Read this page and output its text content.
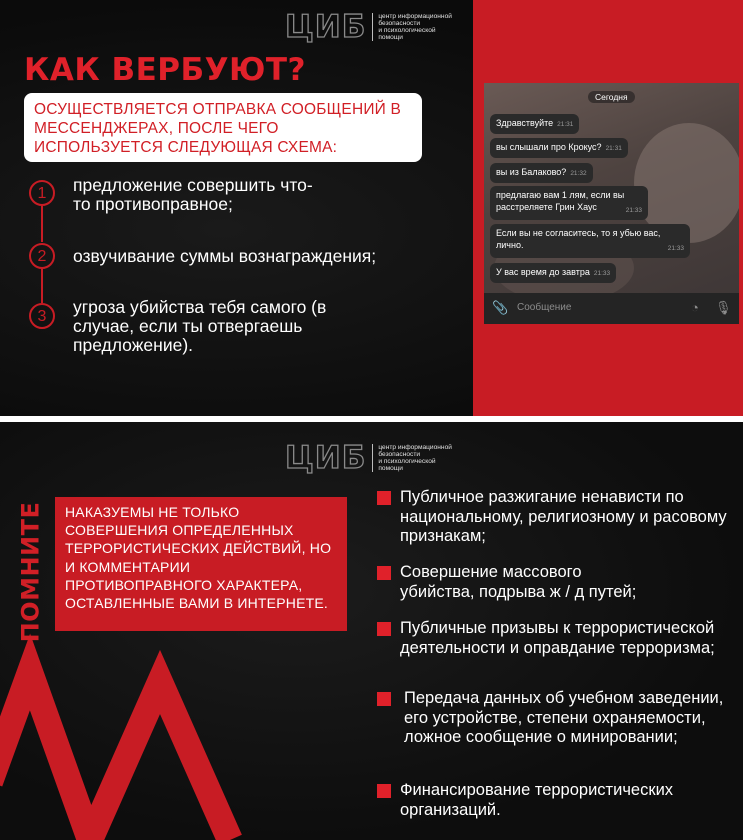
ЦИБ центр информационной
безопасности
и психологической
помощи
КАК ВЕРБУЮТ?
ОСУЩЕСТВЛЯЕТСЯ ОТПРАВКА СООБЩЕНИЙ В МЕССЕНДЖЕРАХ, ПОСЛЕ ЧЕГО ИСПОЛЬЗУЕТСЯ СЛЕДУЮЩАЯ СХЕМА:
1	предложение совершить что-то противоправное;
2	озвучивание суммы вознаграждения;
3	угроза убийства тебя самого (в случае, если ты отвергаешь предложение).
Сегодня
Здравствуйте 21:31
вы слышали про Крокус? 21:31
вы из Балаково? 21:32
предлагаю вам 1 лям, если вы расстреляете Грин Хаус	21:33
Если вы не согласитесь, то я убью вас, лично.	21:33
У вас время до завтра 21:33
📎 Сообщение	◔ 🎙
ЦИБ центр информационной
безопасности
и психологической
помощи
ПОМНИТЕ	НАКАЗУЕМЫ НЕ ТОЛЬКО СОВЕРШЕНИЯ ОПРЕДЕЛЕННЫХ ТЕРРОРИСТИЧЕСКИХ ДЕЙСТВИЙ, НО И КОММЕНТАРИИ ПРОТИВОПРАВНОГО ХАРАКТЕРА, ОСТАВЛЕННЫЕ ВАМИ В ИНТЕРНЕТЕ.
Публичное разжигание ненависти по национальному, религиозному и расовому признакам;
Совершение массового убийства, подрыва ж / д путей;
Публичные призывы к террористической деятельности и оправдание терроризма;
Передача данных об учебном заведении, его устройстве, степени охраняемости, ложное сообщение о минировании;
Финансирование террористических организаций.
